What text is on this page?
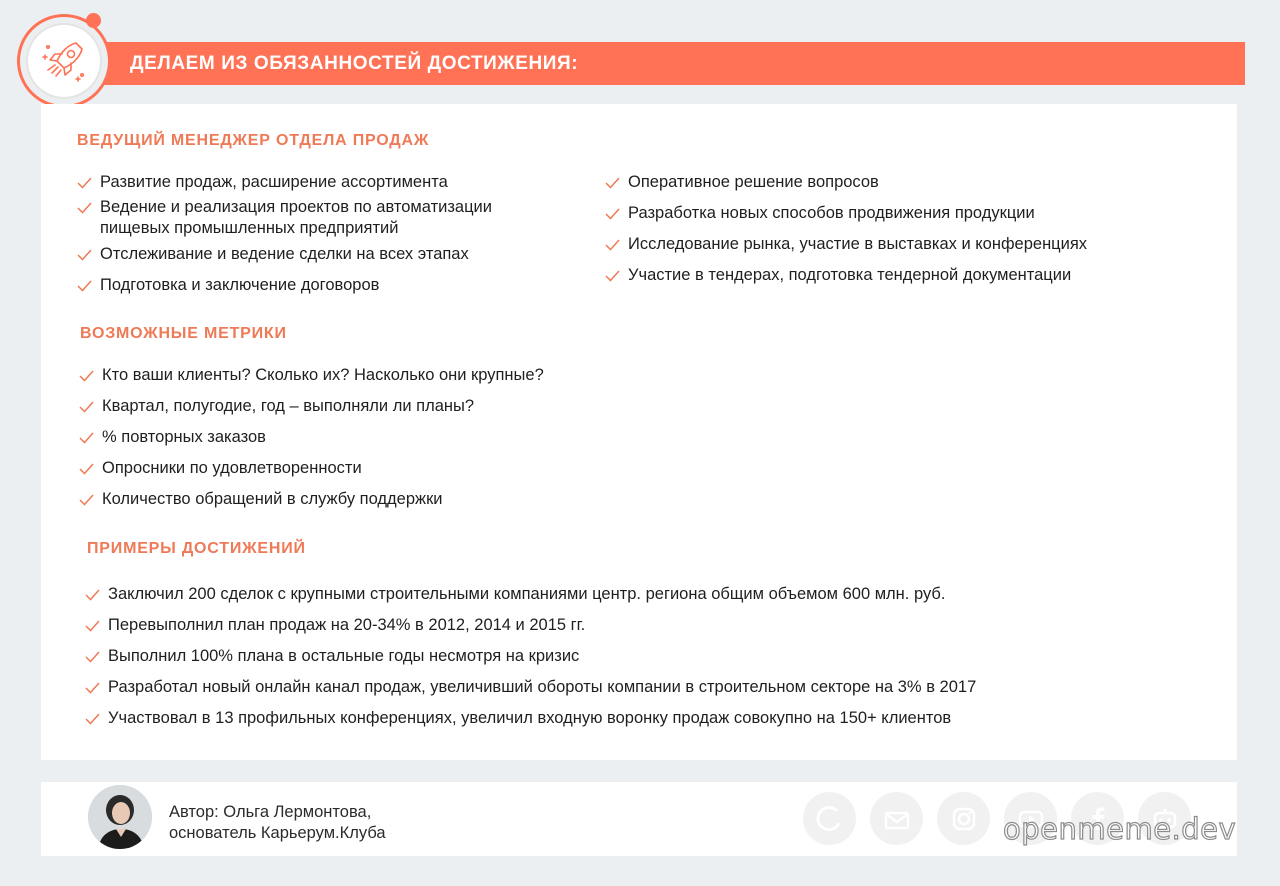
ДЕЛАЕМ ИЗ ОБЯЗАННОСТЕЙ ДОСТИЖЕНИЯ:
ВЕДУЩИЙ МЕНЕДЖЕР ОТДЕЛА ПРОДАЖ
Развитие продаж, расширение ассортимента
Ведение и реализация проектов по автоматизации
пищевых промышленных предприятий
Отслеживание и ведение сделки на всех этапах
Подготовка и заключение договоров
Оперативное решение вопросов
Разработка новых способов продвижения продукции
Исследование рынка, участие в выставках и конференциях
Участие в тендерах, подготовка тендерной документации
ВОЗМОЖНЫЕ МЕТРИКИ
Кто ваши клиенты? Сколько их? Насколько они крупные?
Квартал, полугодие, год – выполняли ли планы?
% повторных заказов
Опросники по удовлетворенности
Количество обращений в службу поддержки
ПРИМЕРЫ ДОСТИЖЕНИЙ
Заключил 200 сделок с крупными строительными компаниями центр. региона общим объемом 600 млн. руб.
Перевыполнил план продаж на 20-34% в 2012, 2014 и 2015 гг.
Выполнил 100% плана в остальные годы несмотря на кризис
Разработал новый онлайн канал продаж, увеличивший обороты компании в строительном секторе на 3% в 2017
Участвовал в 13 профильных конференциях, увеличил входную воронку продаж совокупно на 150+ клиентов
Автор: Ольга Лермонтова,
основатель Карьерум.Клуба	openmeme.dev
